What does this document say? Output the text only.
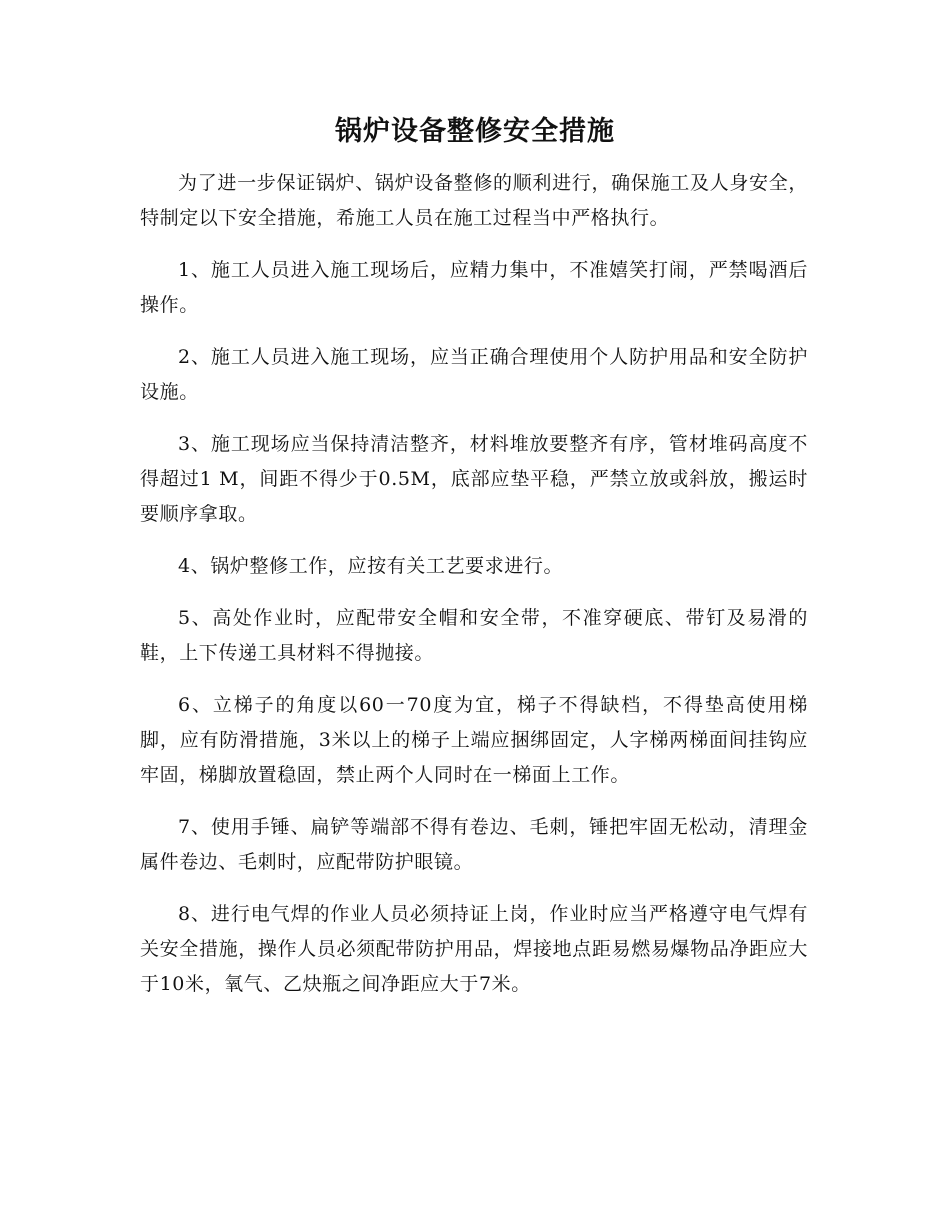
锅炉设备整修安全措施

为了进一步保证锅炉、锅炉设备整修的顺利进行，确保施工及人身安全，特制定以下安全措施，希施工人员在施工过程当中严格执行。

1、施工人员进入施工现场后，应精力集中，不准嬉笑打闹，严禁喝酒后操作。

2、施工人员进入施工现场，应当正确合理使用个人防护用品和安全防护设施。

3、施工现场应当保持清洁整齐，材料堆放要整齐有序，管材堆码高度不得超过1 M，间距不得少于0.5M，底部应垫平稳，严禁立放或斜放，搬运时要顺序拿取。

4、锅炉整修工作，应按有关工艺要求进行。

5、高处作业时，应配带安全帽和安全带，不准穿硬底、带钉及易滑的鞋，上下传递工具材料不得抛接。

6、立梯子的角度以60一70度为宜，梯子不得缺档，不得垫高使用梯脚，应有防滑措施，3米以上的梯子上端应捆绑固定，人字梯两梯面间挂钩应牢固，梯脚放置稳固，禁止两个人同时在一梯面上工作。

7、使用手锤、扁铲等端部不得有卷边、毛刺，锤把牢固无松动，清理金属件卷边、毛刺时，应配带防护眼镜。

8、进行电气焊的作业人员必须持证上岗，作业时应当严格遵守电气焊有关安全措施，操作人员必须配带防护用品，焊接地点距易燃易爆物品净距应大于10米，氧气、乙炔瓶之间净距应大于7米。
